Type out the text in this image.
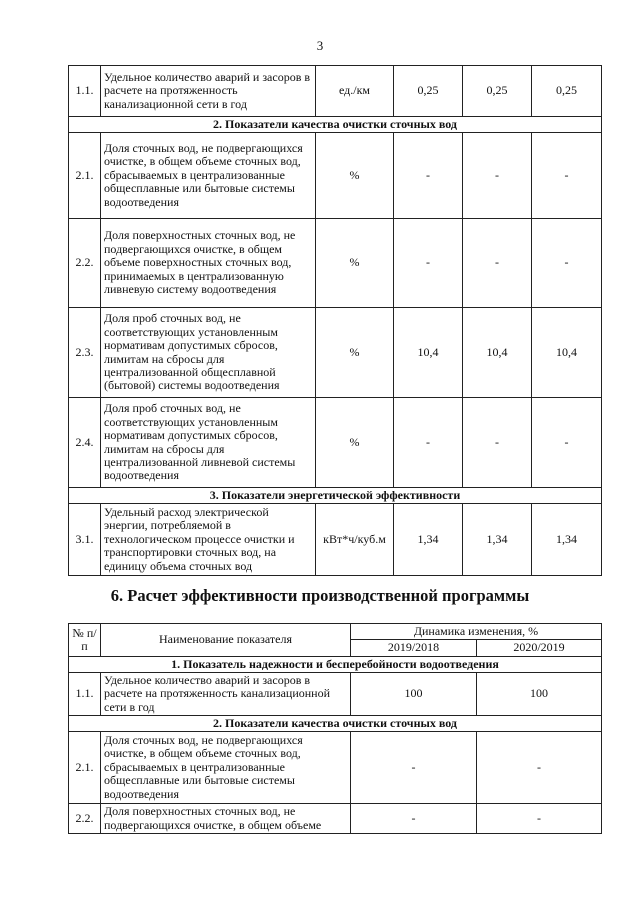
3
1.1.	Удельное количество аварий и засоров в расчете на протяженность канализационной сети в год	ед./км	0,25	0,25	0,25
2. Показатели качества очистки сточных вод					
2.1.	Доля сточных вод, не подвергающихся очистке, в общем объеме сточных вод, сбрасываемых в централизованные общесплавные или бытовые системы водоотведения	%	-	-	-
2.2.	Доля поверхностных сточных вод, не подвергающихся очистке, в общем объеме поверхностных сточных вод, принимаемых в централизованную ливневую систему водоотведения	%	-	-	-
2.3.	Доля проб сточных вод, не соответствующих установленным нормативам допустимых сбросов, лимитам на сбросы для централизованной общесплавной (бытовой) системы водоотведения	%	10,4	10,4	10,4
2.4.	Доля проб сточных вод, не соответствующих установленным нормативам допустимых сбросов, лимитам на сбросы для централизованной ливневой системы водоотведения	%	-	-	-
3. Показатели энергетической эффективности					
3.1.	Удельный расход электрической энергии, потребляемой в технологическом процессе очистки и транспортировки сточных вод, на единицу объема сточных вод	кВт*ч/куб.м	1,34	1,34	1,34
6. Расчет эффективности производственной программы
№ п/п	Наименование показателя	Динамика изменения, %	
		2019/2018	2020/2019
1. Показатель надежности и бесперебойности водоотведения			
1.1.	Удельное количество аварий и засоров в расчете на протяженность канализационной сети в год	100	100
2. Показатели качества очистки сточных вод			
2.1.	Доля сточных вод, не подвергающихся очистке, в общем объеме сточных вод, сбрасываемых в централизованные общесплавные или бытовые системы водоотведения	-	-
2.2.	Доля поверхностных сточных вод, не подвергающихся очистке, в общем объеме	-	-
